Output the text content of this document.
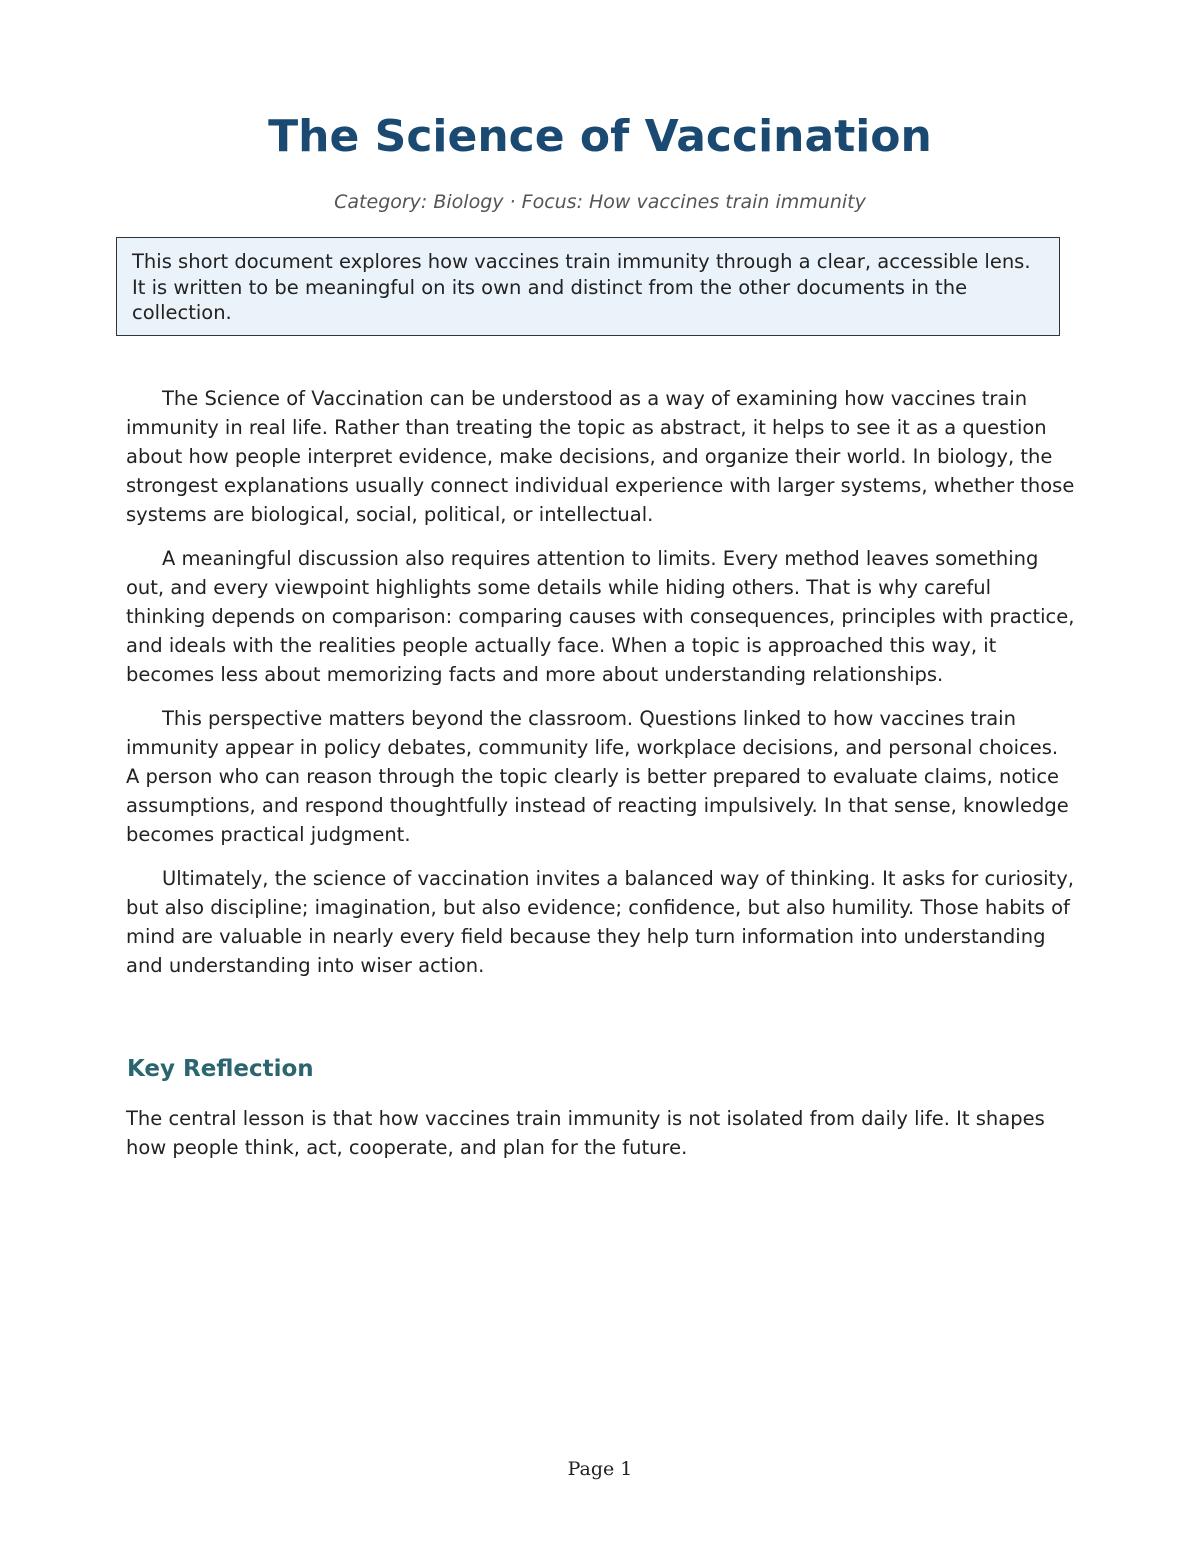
The Science of Vaccination

Category: Biology · Focus: How vaccines train immunity

This short document explores how vaccines train immunity through a clear, accessible lens. It is written to be meaningful on its own and distinct from the other documents in the collection.

The Science of Vaccination can be understood as a way of examining how vaccines train immunity in real life. Rather than treating the topic as abstract, it helps to see it as a question about how people interpret evidence, make decisions, and organize their world. In biology, the strongest explanations usually connect individual experience with larger systems, whether those systems are biological, social, political, or intellectual.

A meaningful discussion also requires attention to limits. Every method leaves something out, and every viewpoint highlights some details while hiding others. That is why careful thinking depends on comparison: comparing causes with consequences, principles with practice, and ideals with the realities people actually face. When a topic is approached this way, it becomes less about memorizing facts and more about understanding relationships.

This perspective matters beyond the classroom. Questions linked to how vaccines train immunity appear in policy debates, community life, workplace decisions, and personal choices. A person who can reason through the topic clearly is better prepared to evaluate claims, notice assumptions, and respond thoughtfully instead of reacting impulsively. In that sense, knowledge becomes practical judgment.

Ultimately, the science of vaccination invites a balanced way of thinking. It asks for curiosity, but also discipline; imagination, but also evidence; confidence, but also humility. Those habits of mind are valuable in nearly every field because they help turn information into understanding and understanding into wiser action.

Key Reflection

The central lesson is that how vaccines train immunity is not isolated from daily life. It shapes how people think, act, cooperate, and plan for the future.

Page 1
